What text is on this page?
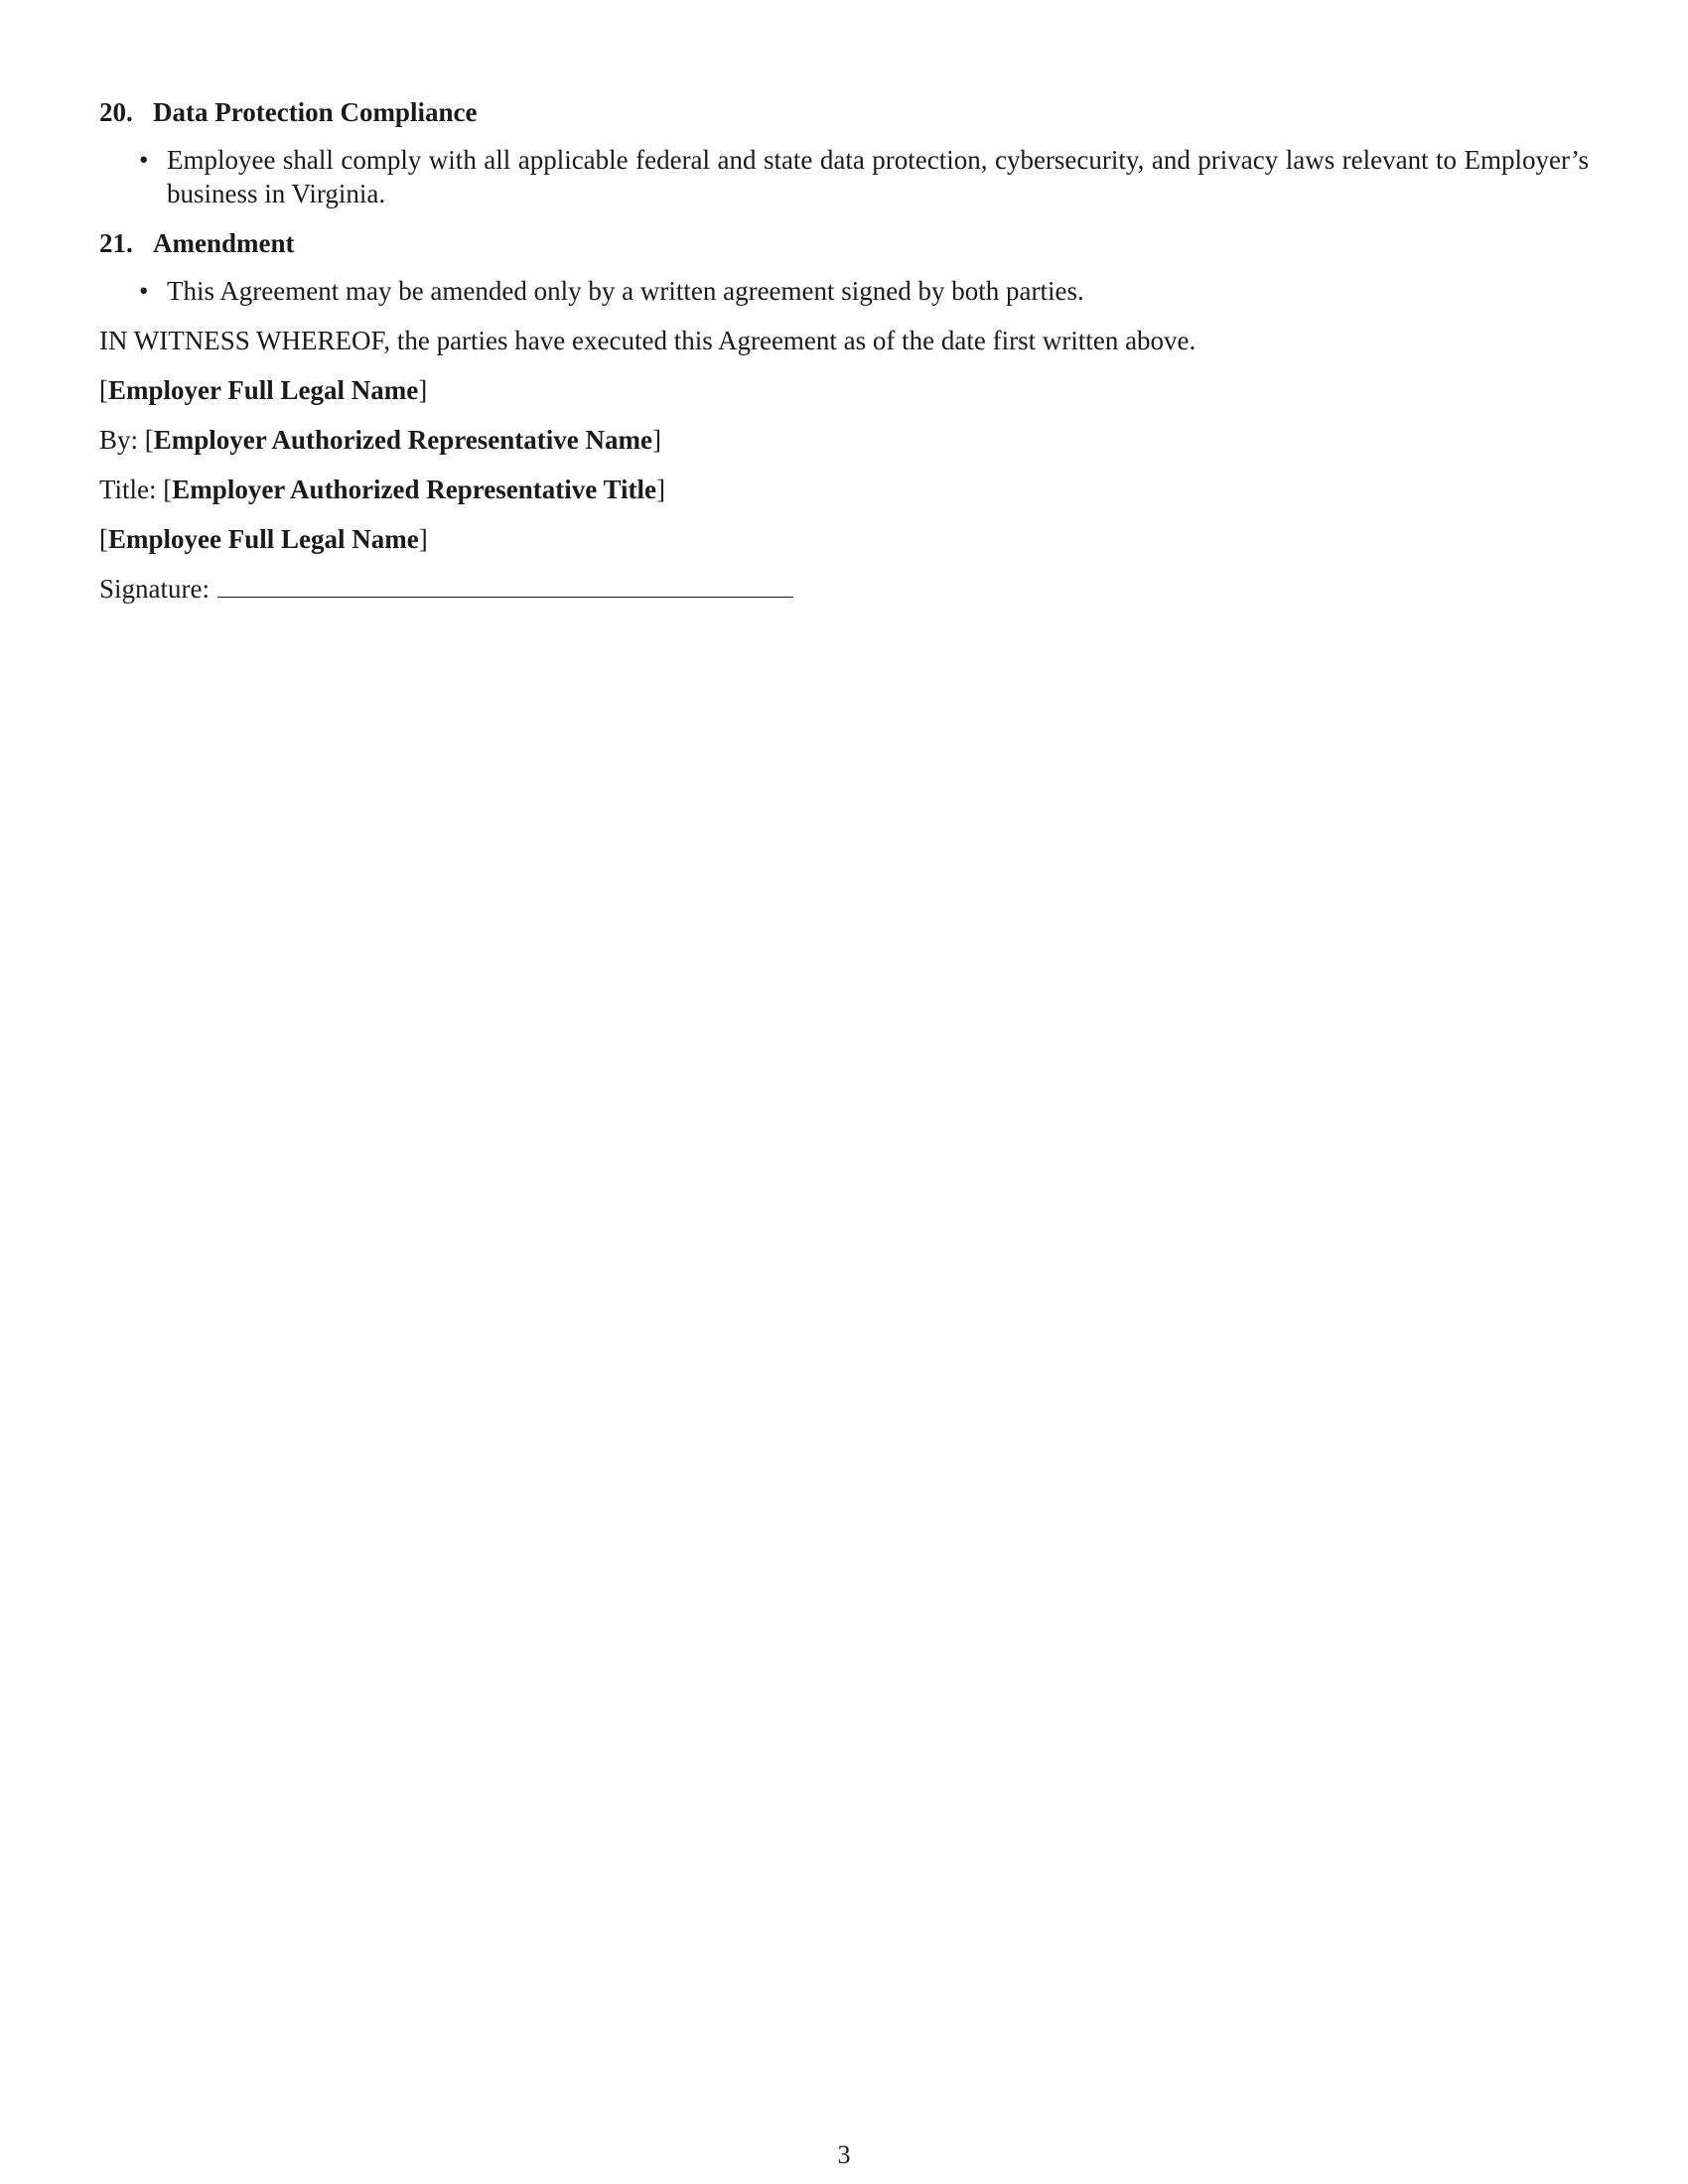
20. Data Protection Compliance
• Employee shall comply with all applicable federal and state data protection, cybersecurity, and privacy laws relevant to Employer’s business in Virginia.
21. Amendment
• This Agreement may be amended only by a written agreement signed by both parties.

IN WITNESS WHEREOF, the parties have executed this Agreement as of the date first written above.

[Employer Full Legal Name]

By: [Employer Authorized Representative Name]

Title: [Employer Authorized Representative Title]

[Employee Full Legal Name]

Signature:

3
